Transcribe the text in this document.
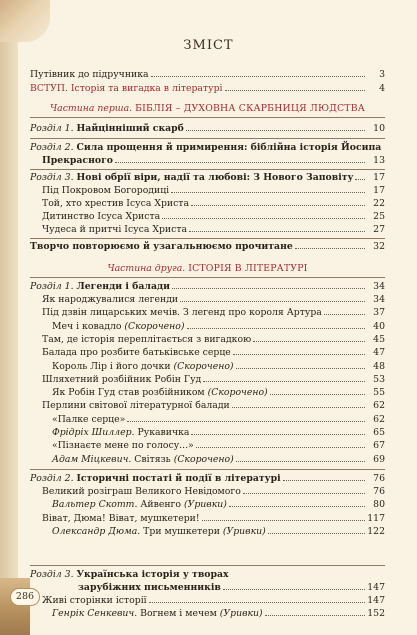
ЗМІСТ
Путівник до підручника	3
ВСТУП. Історія та вигадка в літературі	4
Частина перша. БІБЛІЯ – ДУХОВНА СКАРБНИЦЯ ЛЮДСТВА
Розділ 1. Найцінніший скарб	10
Розділ 2. Сила прощення й примирення: біблійна історія Йосипа
Прекрасного	13
Розділ 3. Нові обрії віри, надії та любові: З Нового Заповіту	17
Під Покровом Богородиці	17
Той, хто хрестив Ісуса Христа	22
Дитинство Ісуса Христа	25
Чудеса й притчі Ісуса Христа	27
Творчо повторюємо й узагальнюємо прочитане	32
Частина друга. ІСТОРІЯ В ЛІТЕРАТУРІ
Розділ 1. Легенди і балади	34
Як народжувалися легенди	34
Під дзвін лицарських мечів. З легенд про короля Артура	37
Меч і ковадло (Скорочено)	40
Там, де історія переплітається з вигадкою	45
Балада про розбите батьківське серце	47
Король Лір і його дочки (Скорочено)	48
Шляхетний розбійник Робін Гуд	53
Як Робін Гуд став розбійником (Скорочено)	55
Перлини світової літературної балади	62
«Палке серце»	62
Фрідріх Шиллер. Рукавичка	65
«Пізнаєте мене по голосу...»	67
Адам Міцкевич. Світязь (Скорочено)	69
Розділ 2. Історичні постаті й події в літературі	76
Великий розіграш Великого Невідомого	76
Вальтер Скотт. Айвенго (Уривки)	80
Віват, Дюма! Віват, мушкетери!	117
Олександр Дюма. Три мушкетери (Уривки)	122
Розділ 3. Українська історія у творах
зарубіжних письменників	147
Живі сторінки історії	147
Генрік Сенкевич. Вогнем і мечем (Уривки)	152
286
